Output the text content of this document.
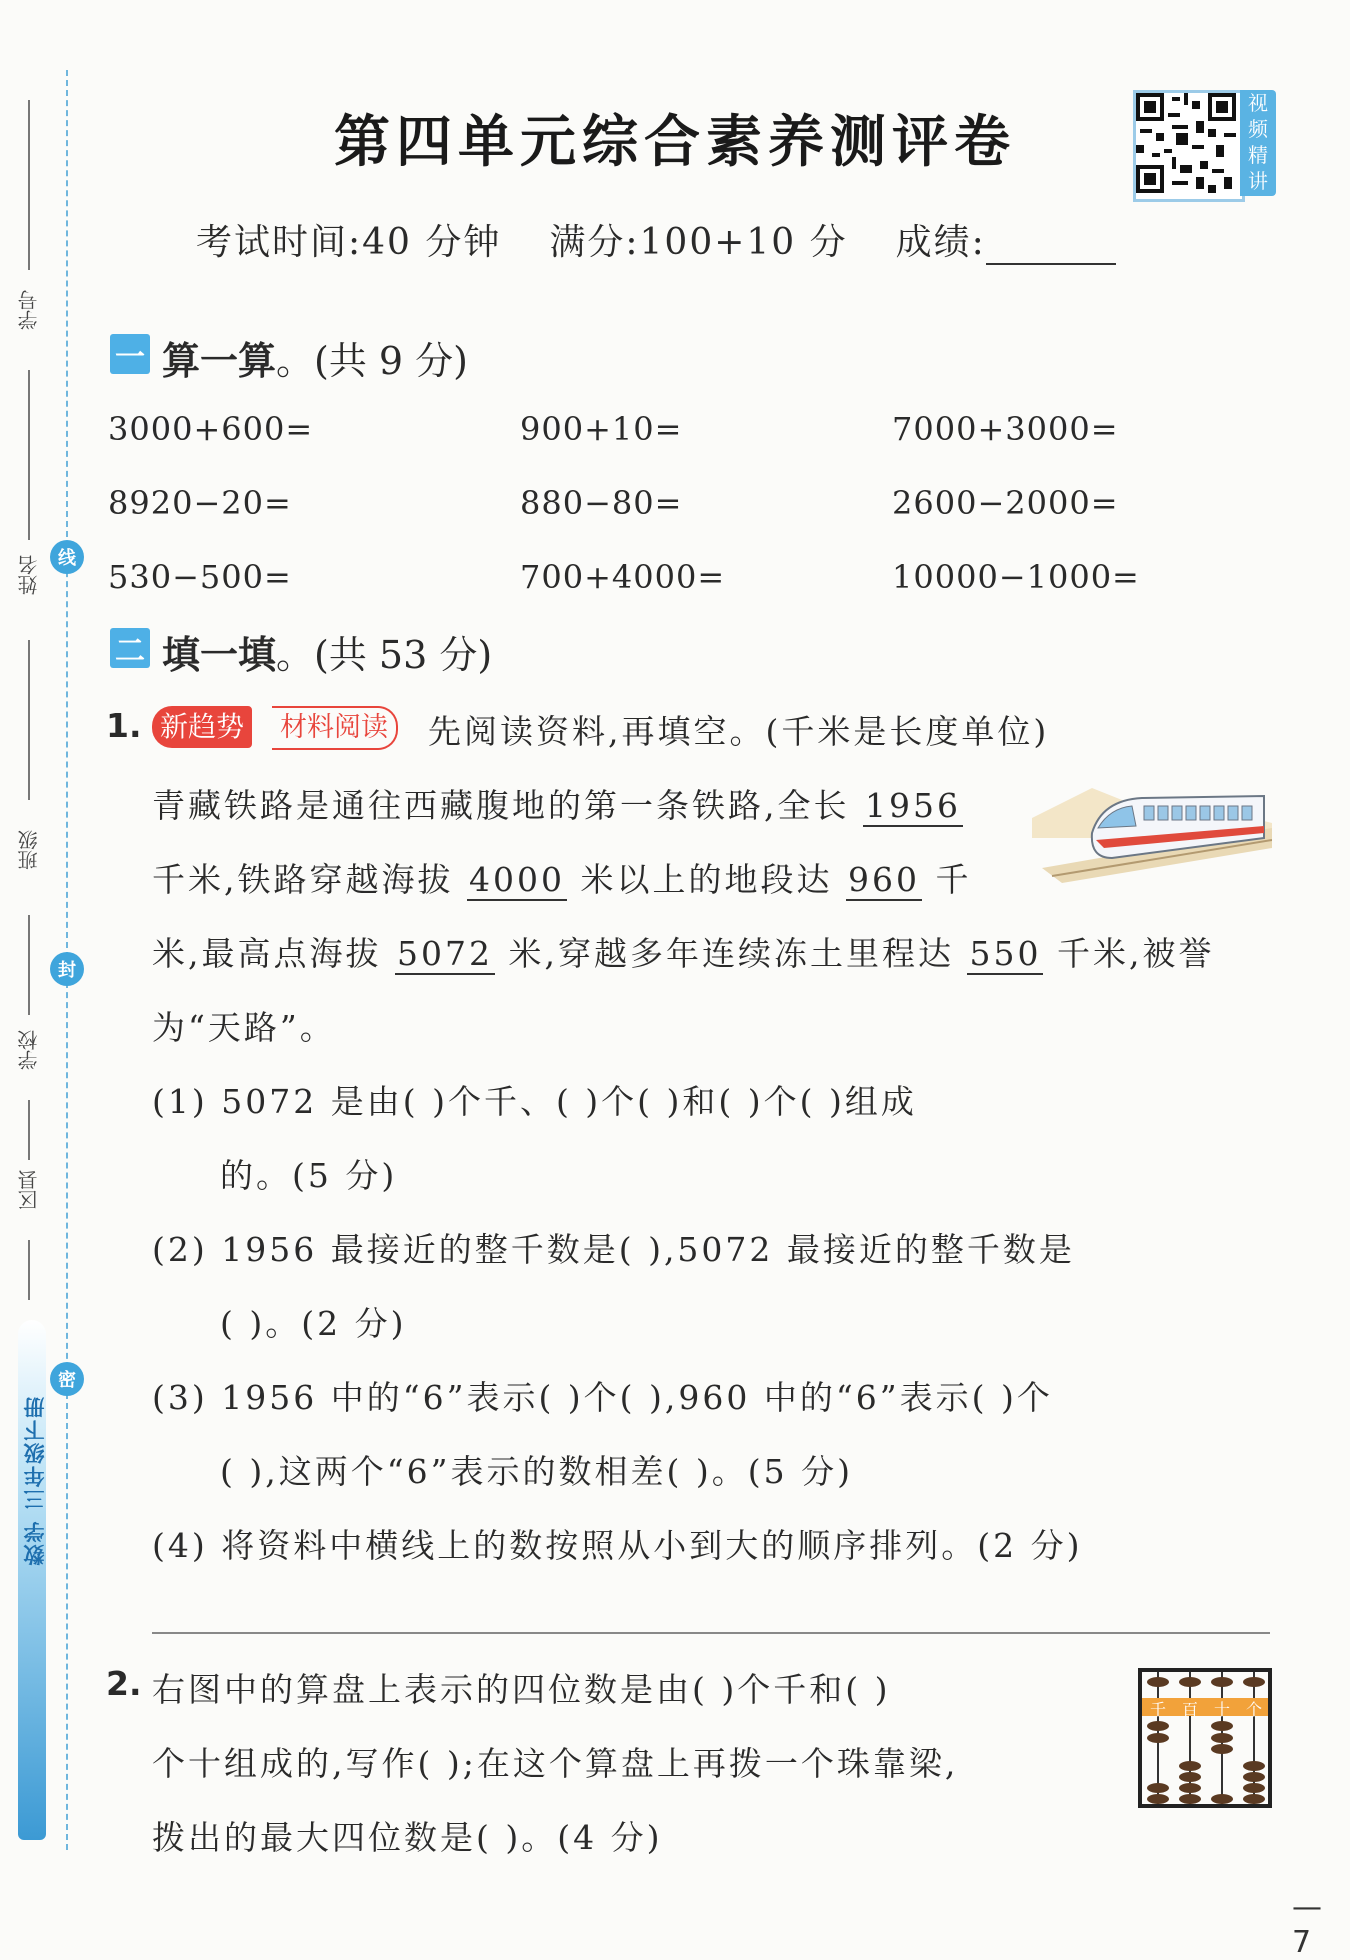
学号
姓名
班级
学校
区县
线
封
密
数学 三年级下册
第四单元综合素养测评卷
视频精讲
考试时间:40 分钟 满分:100+10 分 成绩:
一 算一算。(共 9 分)
3000+600=	900+10=	7000+3000=
8920−20=	880−80=	2600−2000=
530−500=	700+4000=	10000−1000=
二 填一填。(共 53 分)
1. 新趋势 材料阅读	先阅读资料,再填空。(千米是长度单位)
青藏铁路是通往西藏腹地的第一条铁路,全长 1956
千米,铁路穿越海拔 4000 米以上的地段达 960 千
米,最高点海拔 5072 米,穿越多年连续冻土里程达 550 千米,被誉
为“天路”。
(1) 5072 是由( )个千、( )个( )和( )个( )组成
的。(5 分)
(2) 1956 最接近的整千数是( ),5072 最接近的整千数是
( )。(2 分)
(3) 1956 中的“6”表示( )个( ),960 中的“6”表示( )个
( ),这两个“6”表示的数相差( )。(5 分)
(4) 将资料中横线上的数按照从小到大的顺序排列。(2 分)
2. 右图中的算盘上表示的四位数是由( )个千和( )
个十组成的,写作( );在这个算盘上再拨一个珠靠梁,
拨出的最大四位数是( )。(4 分)
千 百 十 个
— 7
